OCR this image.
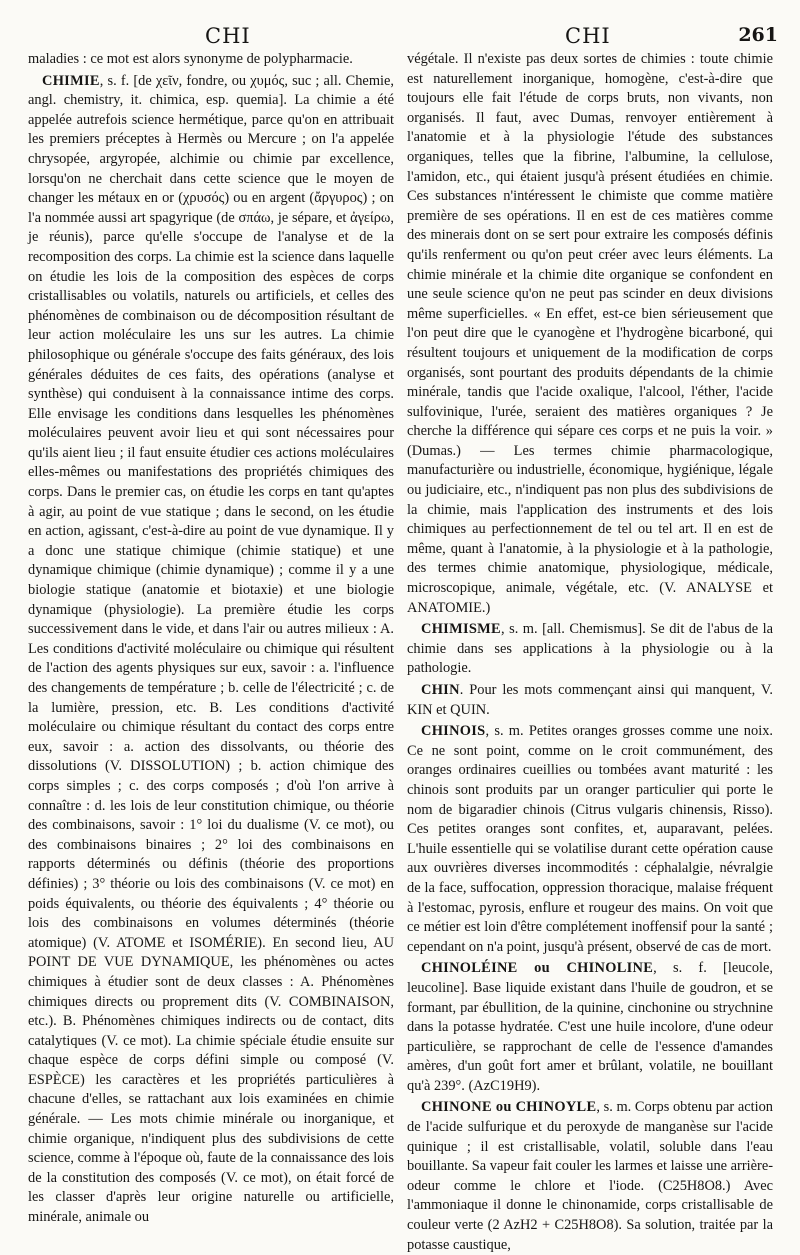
CHI	CHI	261

maladies : ce mot est alors synonyme de polypharmacie.

CHIMIE, s. f. [de χεῖν, fondre, ou χυμός, suc ; all. Chemie, angl. chemistry, it. chimica, esp. quemia]. La chimie a été appelée autrefois science hermétique, parce qu'on en attribuait les premiers préceptes à Hermès ou Mercure ; on l'a appelée chrysopée, argyropée, alchimie ou chimie par excellence, lorsqu'on ne cherchait dans cette science que le moyen de changer les métaux en or (χρυσός) ou en argent (ἄργυρος) ; on l'a nommée aussi art spagyrique (de σπάω, je sépare, et ἀγείρω, je réunis), parce qu'elle s'occupe de l'analyse et de la recomposition des corps. La chimie est la science dans laquelle on étudie les lois de la composition des espèces de corps cristallisables ou volatils, naturels ou artificiels, et celles des phénomènes de combinaison ou de décomposition résultant de leur action moléculaire les uns sur les autres. La chimie philosophique ou générale s'occupe des faits généraux, des lois générales déduites de ces faits, des opérations (analyse et synthèse) qui conduisent à la connaissance intime des corps. Elle envisage les conditions dans lesquelles les phénomènes moléculaires peuvent avoir lieu et qui sont nécessaires pour qu'ils aient lieu ; il faut ensuite étudier ces actions moléculaires elles-mêmes ou manifestations des propriétés chimiques des corps. Dans le premier cas, on étudie les corps en tant qu'aptes à agir, au point de vue statique ; dans le second, on les étudie en action, agissant, c'est-à-dire au point de vue dynamique. Il y a donc une statique chimique (chimie statique) et une dynamique chimique (chimie dynamique) ; comme il y a une biologie statique (anatomie et biotaxie) et une biologie dynamique (physiologie). La première étudie les corps successivement dans le vide, et dans l'air ou autres milieux : A. Les conditions d'activité moléculaire ou chimique qui résultent de l'action des agents physiques sur eux, savoir : a. l'influence des changements de température ; b. celle de l'électricité ; c. de la lumière, pression, etc. B. Les conditions d'activité moléculaire ou chimique résultant du contact des corps entre eux, savoir : a. action des dissolvants, ou théorie des dissolutions (V. DISSOLUTION) ; b. action chimique des corps simples ; c. des corps composés ; d'où l'on arrive à connaître : d. les lois de leur constitution chimique, ou théorie des combinaisons, savoir : 1° loi du dualisme (V. ce mot), ou des combinaisons binaires ; 2° loi des combinaisons en rapports déterminés ou définis (théorie des proportions définies) ; 3° théorie ou lois des combinaisons (V. ce mot) en poids équivalents, ou théorie des équivalents ; 4° théorie ou lois des combinaisons en volumes déterminés (théorie atomique) (V. ATOME et ISOMÉRIE). En second lieu, AU POINT DE VUE DYNAMIQUE, les phénomènes ou actes chimiques à étudier sont de deux classes : A. Phénomènes chimiques directs ou proprement dits (V. COMBINAISON, etc.). B. Phénomènes chimiques indirects ou de contact, dits catalytiques (V. ce mot). La chimie spéciale étudie ensuite sur chaque espèce de corps défini simple ou composé (V. ESPÈCE) les caractères et les propriétés particulières à chacune d'elles, se rattachant aux lois examinées en chimie générale. — Les mots chimie minérale ou inorganique, et chimie organique, n'indiquent plus des subdivisions de cette science, comme à l'époque où, faute de la connaissance des lois de la constitution des composés (V. ce mot), on était forcé de les classer d'après leur origine naturelle ou artificielle, minérale, animale ou

végétale. Il n'existe pas deux sortes de chimies : toute chimie est naturellement inorganique, homogène, c'est-à-dire que toujours elle fait l'étude de corps bruts, non vivants, non organisés. Il faut, avec Dumas, renvoyer entièrement à l'anatomie et à la physiologie l'étude des substances organiques, telles que la fibrine, l'albumine, la cellulose, l'amidon, etc., qui étaient jusqu'à présent étudiées en chimie. Ces substances n'intéressent le chimiste que comme matière première de ses opérations. Il en est de ces matières comme des minerais dont on se sert pour extraire les composés définis qu'ils renferment ou qu'on peut créer avec leurs éléments. La chimie minérale et la chimie dite organique se confondent en une seule science qu'on ne peut pas scinder en deux divisions même superficielles. « En effet, est-ce bien sérieusement que l'on peut dire que le cyanogène et l'hydrogène bicarboné, qui résultent toujours et uniquement de la modification de corps organisés, sont pourtant des produits dépendants de la chimie minérale, tandis que l'acide oxalique, l'alcool, l'éther, l'acide sulfovinique, l'urée, seraient des matières organiques ? Je cherche la différence qui sépare ces corps et ne puis la voir. » (Dumas.) — Les termes chimie pharmacologique, manufacturière ou industrielle, économique, hygiénique, légale ou judiciaire, etc., n'indiquent pas non plus des subdivisions de la chimie, mais l'application des instruments et des lois chimiques au perfectionnement de tel ou tel art. Il en est de même, quant à l'anatomie, à la physiologie et à la pathologie, des termes chimie anatomique, physiologique, médicale, microscopique, animale, végétale, etc. (V. ANALYSE et ANATOMIE.)

CHIMISME, s. m. [all. Chemismus]. Se dit de l'abus de la chimie dans ses applications à la physiologie ou à la pathologie.

CHIN. Pour les mots commençant ainsi qui manquent, V. KIN et QUIN.

CHINOIS, s. m. Petites oranges grosses comme une noix. Ce ne sont point, comme on le croit communément, des oranges ordinaires cueillies ou tombées avant maturité : les chinois sont produits par un oranger particulier qui porte le nom de bigaradier chinois (Citrus vulgaris chinensis, Risso). Ces petites oranges sont confites, et, auparavant, pelées. L'huile essentielle qui se volatilise durant cette opération cause aux ouvrières diverses incommodités : céphalalgie, névralgie de la face, suffocation, oppression thoracique, malaise fréquent à l'estomac, pyrosis, enflure et rougeur des mains. On voit que ce métier est loin d'être complétement inoffensif pour la santé ; cependant on n'a point, jusqu'à présent, observé de cas de mort.

CHINOLÉINE ou CHINOLINE, s. f. [leucole, leucoline]. Base liquide existant dans l'huile de goudron, et se formant, par ébullition, de la quinine, cinchonine ou strychnine dans la potasse hydratée. C'est une huile incolore, d'une odeur particulière, se rapprochant de celle de l'essence d'amandes amères, d'un goût fort amer et brûlant, volatile, ne bouillant qu'à 239°. (AzC19H9).

CHINONE ou CHINOYLE, s. m. Corps obtenu par action de l'acide sulfurique et du peroxyde de manganèse sur l'acide quinique ; il est cristallisable, volatil, soluble dans l'eau bouillante. Sa vapeur fait couler les larmes et laisse une arrière-odeur comme le chlore et l'iode. (C25H8O8.) Avec l'ammoniaque il donne le chinonamide, corps cristallisable de couleur verte (2 AzH2 + C25H8O8). Sa solution, traitée par la potasse caustique,
